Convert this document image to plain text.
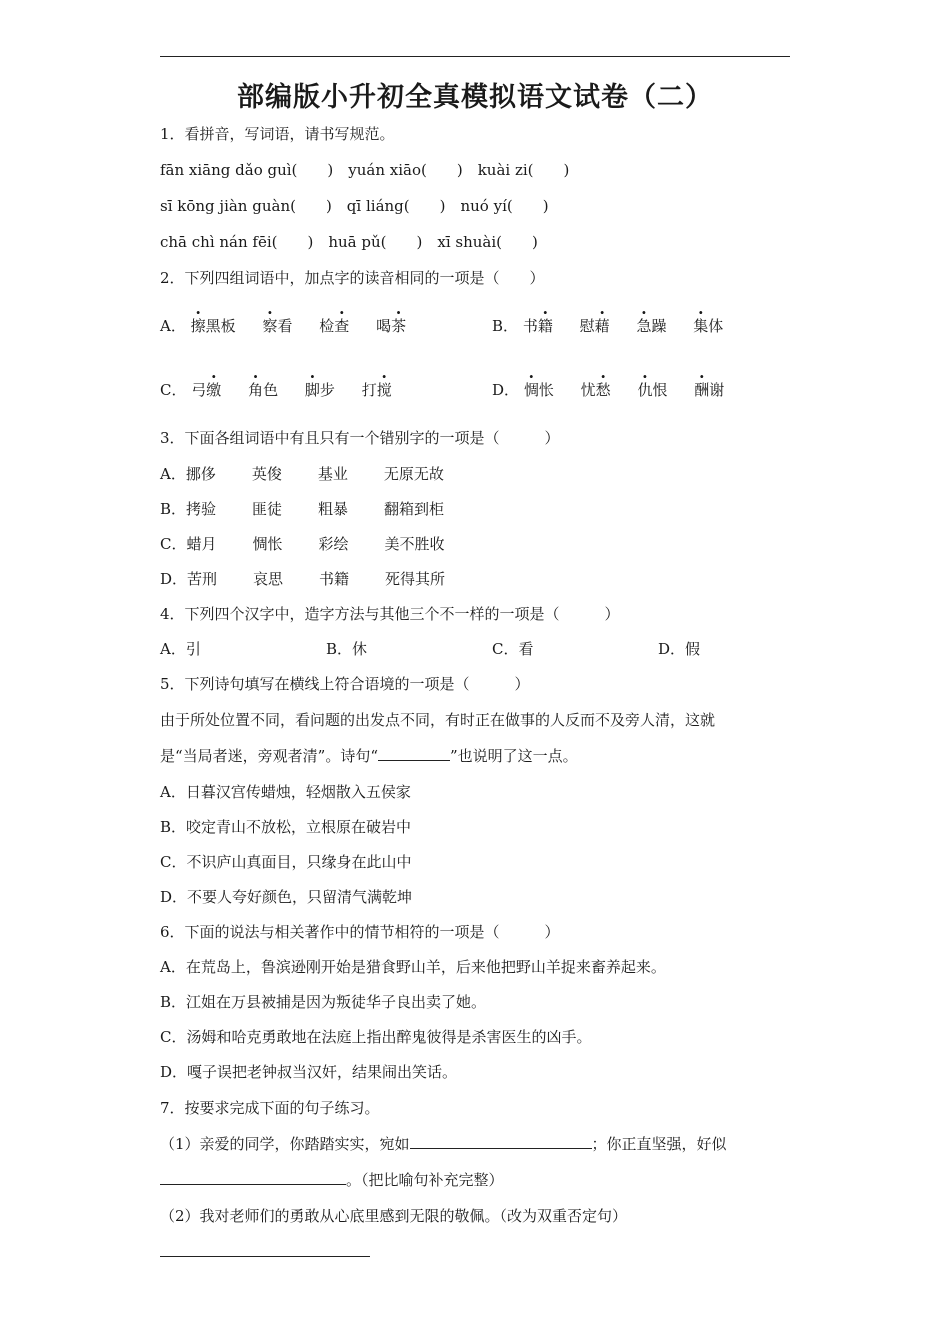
部编版小升初全真模拟语文试卷（二）
1．看拼音，写词语，请书写规范。
fān xiāng dǎo guì(　　)　yuán xiāo(　　)　kuài zi(　　)
sī kōng jiàn guàn(　　)　qī liáng(　　)　nuó yí(　　)
chā chì nán fēi(　　)　huā pǔ(　　)　xī shuài(　　)
2．下列四组词语中，加点字的读音相同的一项是（　　）
A． 擦黑板 察看 检查 喝茶	B． 书籍 慰藉 急躁 集体
C． 弓缴 角色 脚步 打搅	D． 惆怅 忧愁 仇恨 酬谢
3．下面各组词语中有且只有一个错别字的一项是（　　　）
A．挪侈 英俊 基业 无原无故
B．拷验 匪徒 粗暴 翻箱到柜
C．蜡月 惆怅 彩绘 美不胜收
D．苦刑 哀思 书籍 死得其所
4．下列四个汉字中，造字方法与其他三个不一样的一项是（　　　）
A．引	B．休	C．看	D．假
5．下列诗句填写在横线上符合语境的一项是（　　　）
由于所处位置不同，看问题的出发点不同，有时正在做事的人反而不及旁人清，这就
是“当局者迷，旁观者清”。诗句“	”也说明了这一点。
A．日暮汉宫传蜡烛，轻烟散入五侯家
B．咬定青山不放松，立根原在破岩中
C．不识庐山真面目，只缘身在此山中
D．不要人夸好颜色，只留清气满乾坤
6．下面的说法与相关著作中的情节相符的一项是（　　　）
A．在荒岛上，鲁滨逊刚开始是猎食野山羊，后来他把野山羊捉来畜养起来。
B．江姐在万县被捕是因为叛徒华子良出卖了她。
C．汤姆和哈克勇敢地在法庭上指出醉鬼彼得是杀害医生的凶手。
D．嘎子误把老钟叔当汉奸，结果闹出笑话。
7．按要求完成下面的句子练习。
（1）亲爱的同学，你踏踏实实，宛如	；你正直坚强，好似
。（把比喻句补充完整）
（2）我对老师们的勇敢从心底里感到无限的敬佩。（改为双重否定句）
